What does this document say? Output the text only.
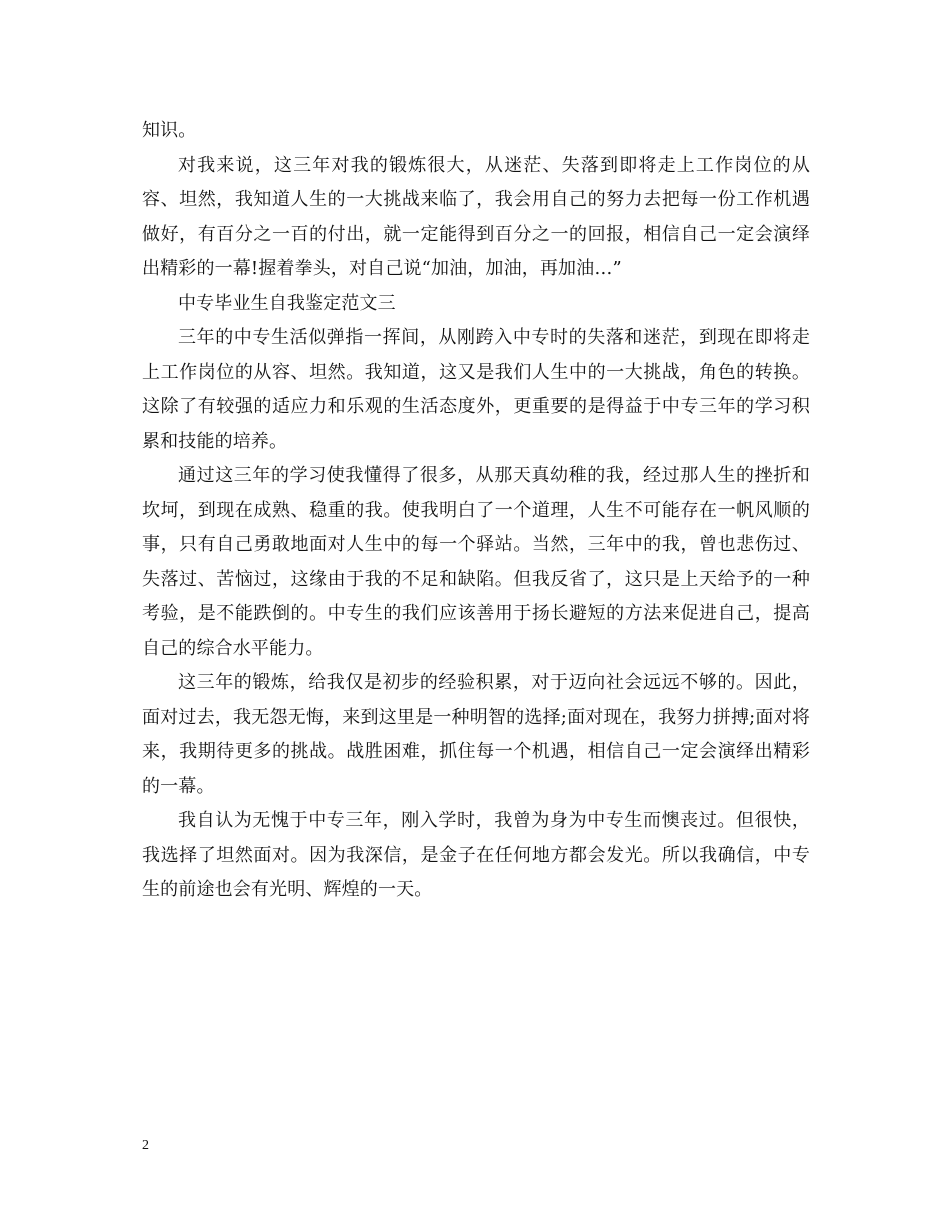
知识。

对我来说，这三年对我的锻炼很大，从迷茫、失落到即将走上工作岗位的从容、坦然，我知道人生的一大挑战来临了，我会用自己的努力去把每一份工作机遇做好，有百分之一百的付出，就一定能得到百分之一的回报，相信自己一定会演绎出精彩的一幕!握着拳头，对自己说“加油，加油，再加油…”

中专毕业生自我鉴定范文三

三年的中专生活似弹指一挥间，从刚跨入中专时的失落和迷茫，到现在即将走上工作岗位的从容、坦然。我知道，这又是我们人生中的一大挑战，角色的转换。这除了有较强的适应力和乐观的生活态度外，更重要的是得益于中专三年的学习积累和技能的培养。

通过这三年的学习使我懂得了很多，从那天真幼稚的我，经过那人生的挫折和坎坷，到现在成熟、稳重的我。使我明白了一个道理，人生不可能存在一帆风顺的事，只有自己勇敢地面对人生中的每一个驿站。当然，三年中的我，曾也悲伤过、失落过、苦恼过，这缘由于我的不足和缺陷。但我反省了，这只是上天给予的一种考验，是不能跌倒的。中专生的我们应该善用于扬长避短的方法来促进自己，提高自己的综合水平能力。

这三年的锻炼，给我仅是初步的经验积累，对于迈向社会远远不够的。因此，面对过去，我无怨无悔，来到这里是一种明智的选择;面对现在，我努力拼搏;面对将来，我期待更多的挑战。战胜困难，抓住每一个机遇，相信自己一定会演绎出精彩的一幕。

我自认为无愧于中专三年，刚入学时，我曾为身为中专生而懊丧过。但很快，我选择了坦然面对。因为我深信，是金子在任何地方都会发光。所以我确信，中专生的前途也会有光明、辉煌的一天。

2
